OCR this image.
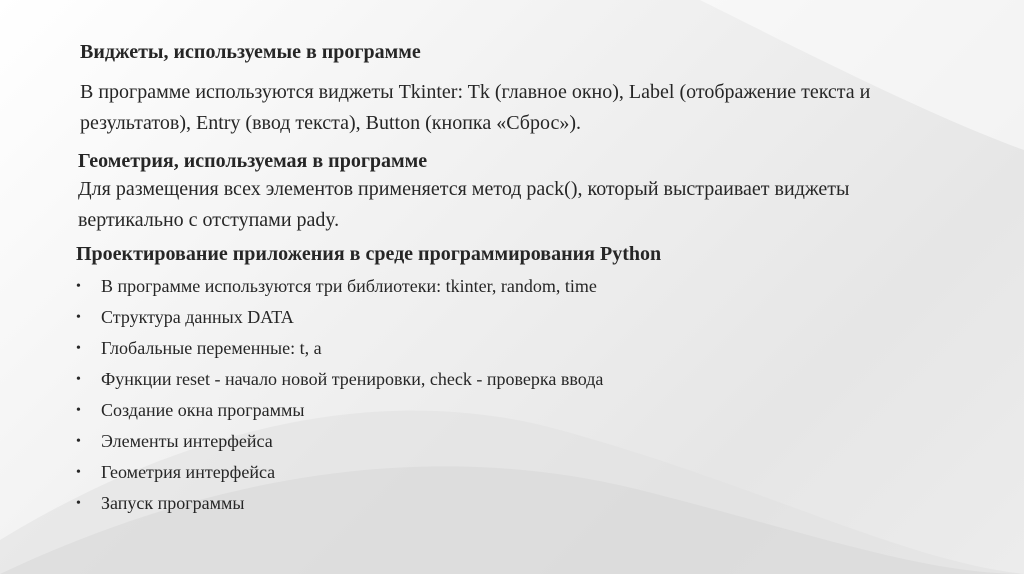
Виджеты, используемые в программе
В программе используются виджеты Tkinter: Tk (главное окно), Label (отображение текста и результатов), Entry (ввод текста), Button (кнопка «Сброс»).
Геометрия, используемая в программе
Для размещения всех элементов применяется метод pack(), который выстраивает виджеты вертикально с отступами pady.
Проектирование приложения в среде программирования Python
• В программе используются три библиотеки: tkinter, random, time
• Структура данных DATA
• Глобальные переменные: t, a
• Функции reset - начало новой тренировки, check - проверка ввода
• Создание окна программы
• Элементы интерфейса
• Геометрия интерфейса
• Запуск программы
